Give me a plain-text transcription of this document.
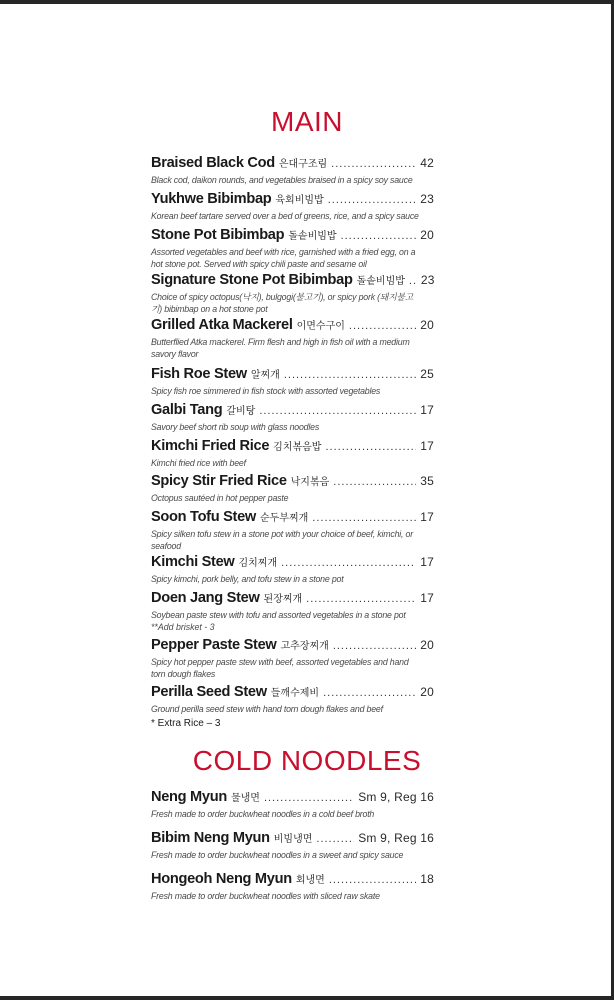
MAIN
Braised Black Cod 은대구조림 .....	42
Black cod, daikon rounds, and vegetables braised in a spicy soy sauce
Yukhwe Bibimbap 육회비빔밥 .....	23
Korean beef tartare served over a bed of greens, rice, and a spicy sauce
Stone Pot Bibimbap 돌솥비빔밥 .....	20
Assorted vegetables and beef with rice, garnished with a fried egg, on a hot stone pot. Served with spicy chili paste and sesame oil
Signature Stone Pot Bibimbap 돌솥비빔밥 ..... 23
Choice of spicy octopus(낙지), bulgogi(불고기), or spicy pork (돼지불고기) bibimbap on a hot stone pot
Grilled Atka Mackerel 이면수구이 .....	20
Butterflied Atka mackerel. Firm flesh and high in fish oil with a medium savory flavor
Fish Roe Stew 알찌개 .....	25
Spicy fish roe simmered in fish stock with assorted vegetables
Galbi Tang 갈비탕 .....	17
Savory beef short rib soup with glass noodles
Kimchi Fried Rice 김치볶음밥 .....	17
Kimchi fried rice with beef
Spicy Stir Fried Rice 낙지볶음 .....	35
Octopus sautéed in hot pepper paste
Soon Tofu Stew 순두부찌개 .....	17
Spicy silken tofu stew in a stone pot with your choice of beef, kimchi, or seafood
Kimchi Stew 김치찌개 .....	17
Spicy kimchi, pork belly, and tofu stew in a stone pot
Doen Jang Stew 된장찌개 .....	17
Soybean paste stew with tofu and assorted vegetables in a stone pot
**Add brisket - 3
Pepper Paste Stew 고추장찌개 .....	20
Spicy hot pepper paste stew with beef, assorted vegetables and hand torn dough flakes
Perilla Seed Stew 들깨수제비 .....	20
Ground perilla seed stew with hand torn dough flakes and beef
* Extra Rice – 3
COLD NOODLES
Neng Myun 물냉면 .....	Sm 9, Reg 16
Fresh made to order buckwheat noodles in a cold beef broth
Bibim Neng Myun 비빔냉면 .....	Sm 9, Reg 16
Fresh made to order buckwheat noodles in a sweet and spicy sauce
Hongeoh Neng Myun 회냉면 .....	18
Fresh made to order buckwheat noodles with sliced raw skate
